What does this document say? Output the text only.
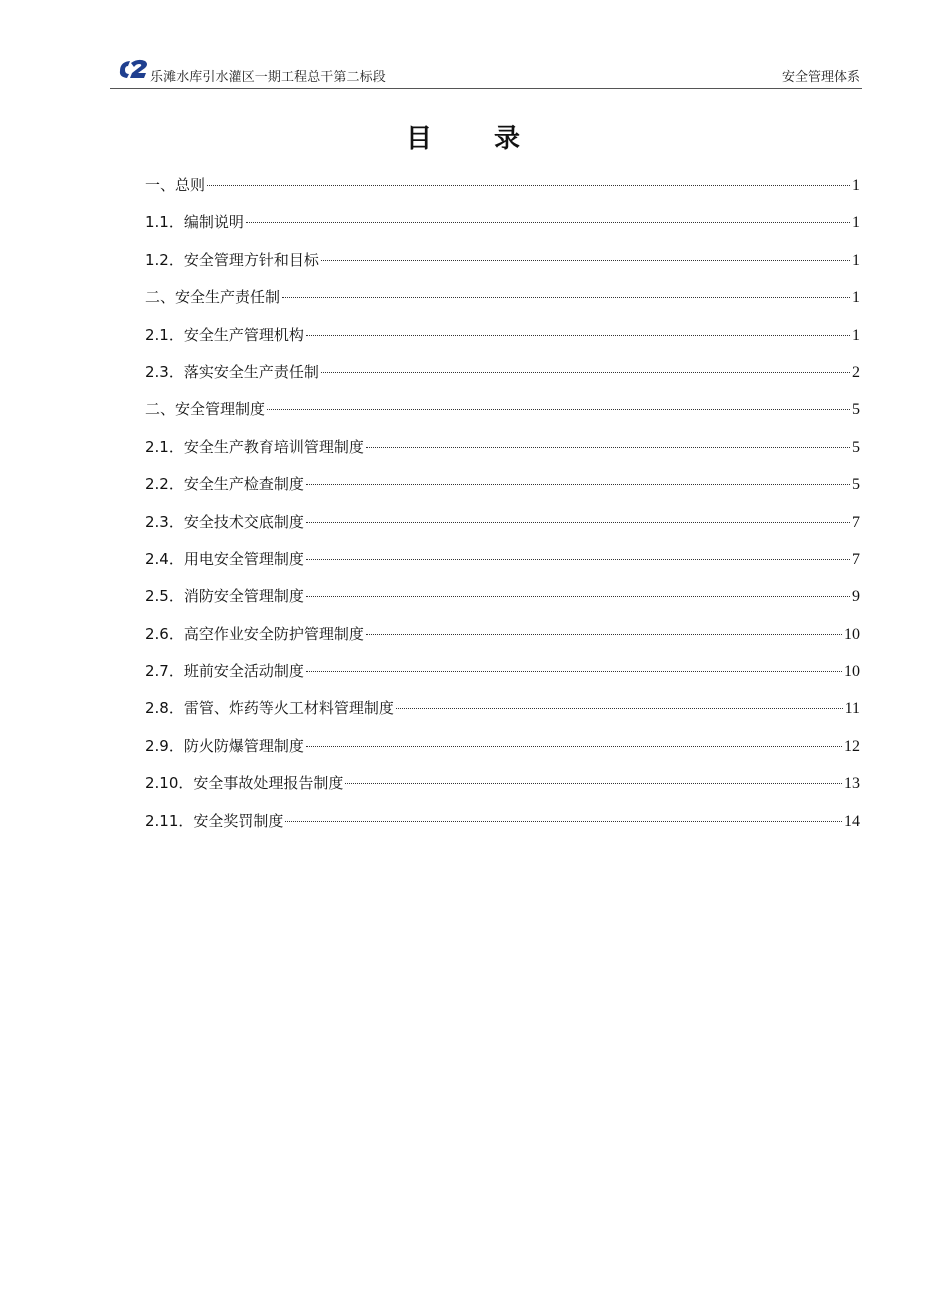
乐滩水库引水灌区一期工程总干第二标段	安全管理体系
目录
一、总则	1
1.1．编制说明	1
1.2．安全管理方针和目标	1
二、安全生产责任制	1
2.1．安全生产管理机构	1
2.3．落实安全生产责任制	2
二、安全管理制度	5
2.1．安全生产教育培训管理制度	5
2.2．安全生产检查制度	5
2.3．安全技术交底制度	7
2.4．用电安全管理制度	7
2.5．消防安全管理制度	9
2.6．高空作业安全防护管理制度	10
2.7．班前安全活动制度	10
2.8．雷管、炸药等火工材料管理制度	11
2.9．防火防爆管理制度	12
2.10．安全事故处理报告制度	13
2.11．安全奖罚制度	14
